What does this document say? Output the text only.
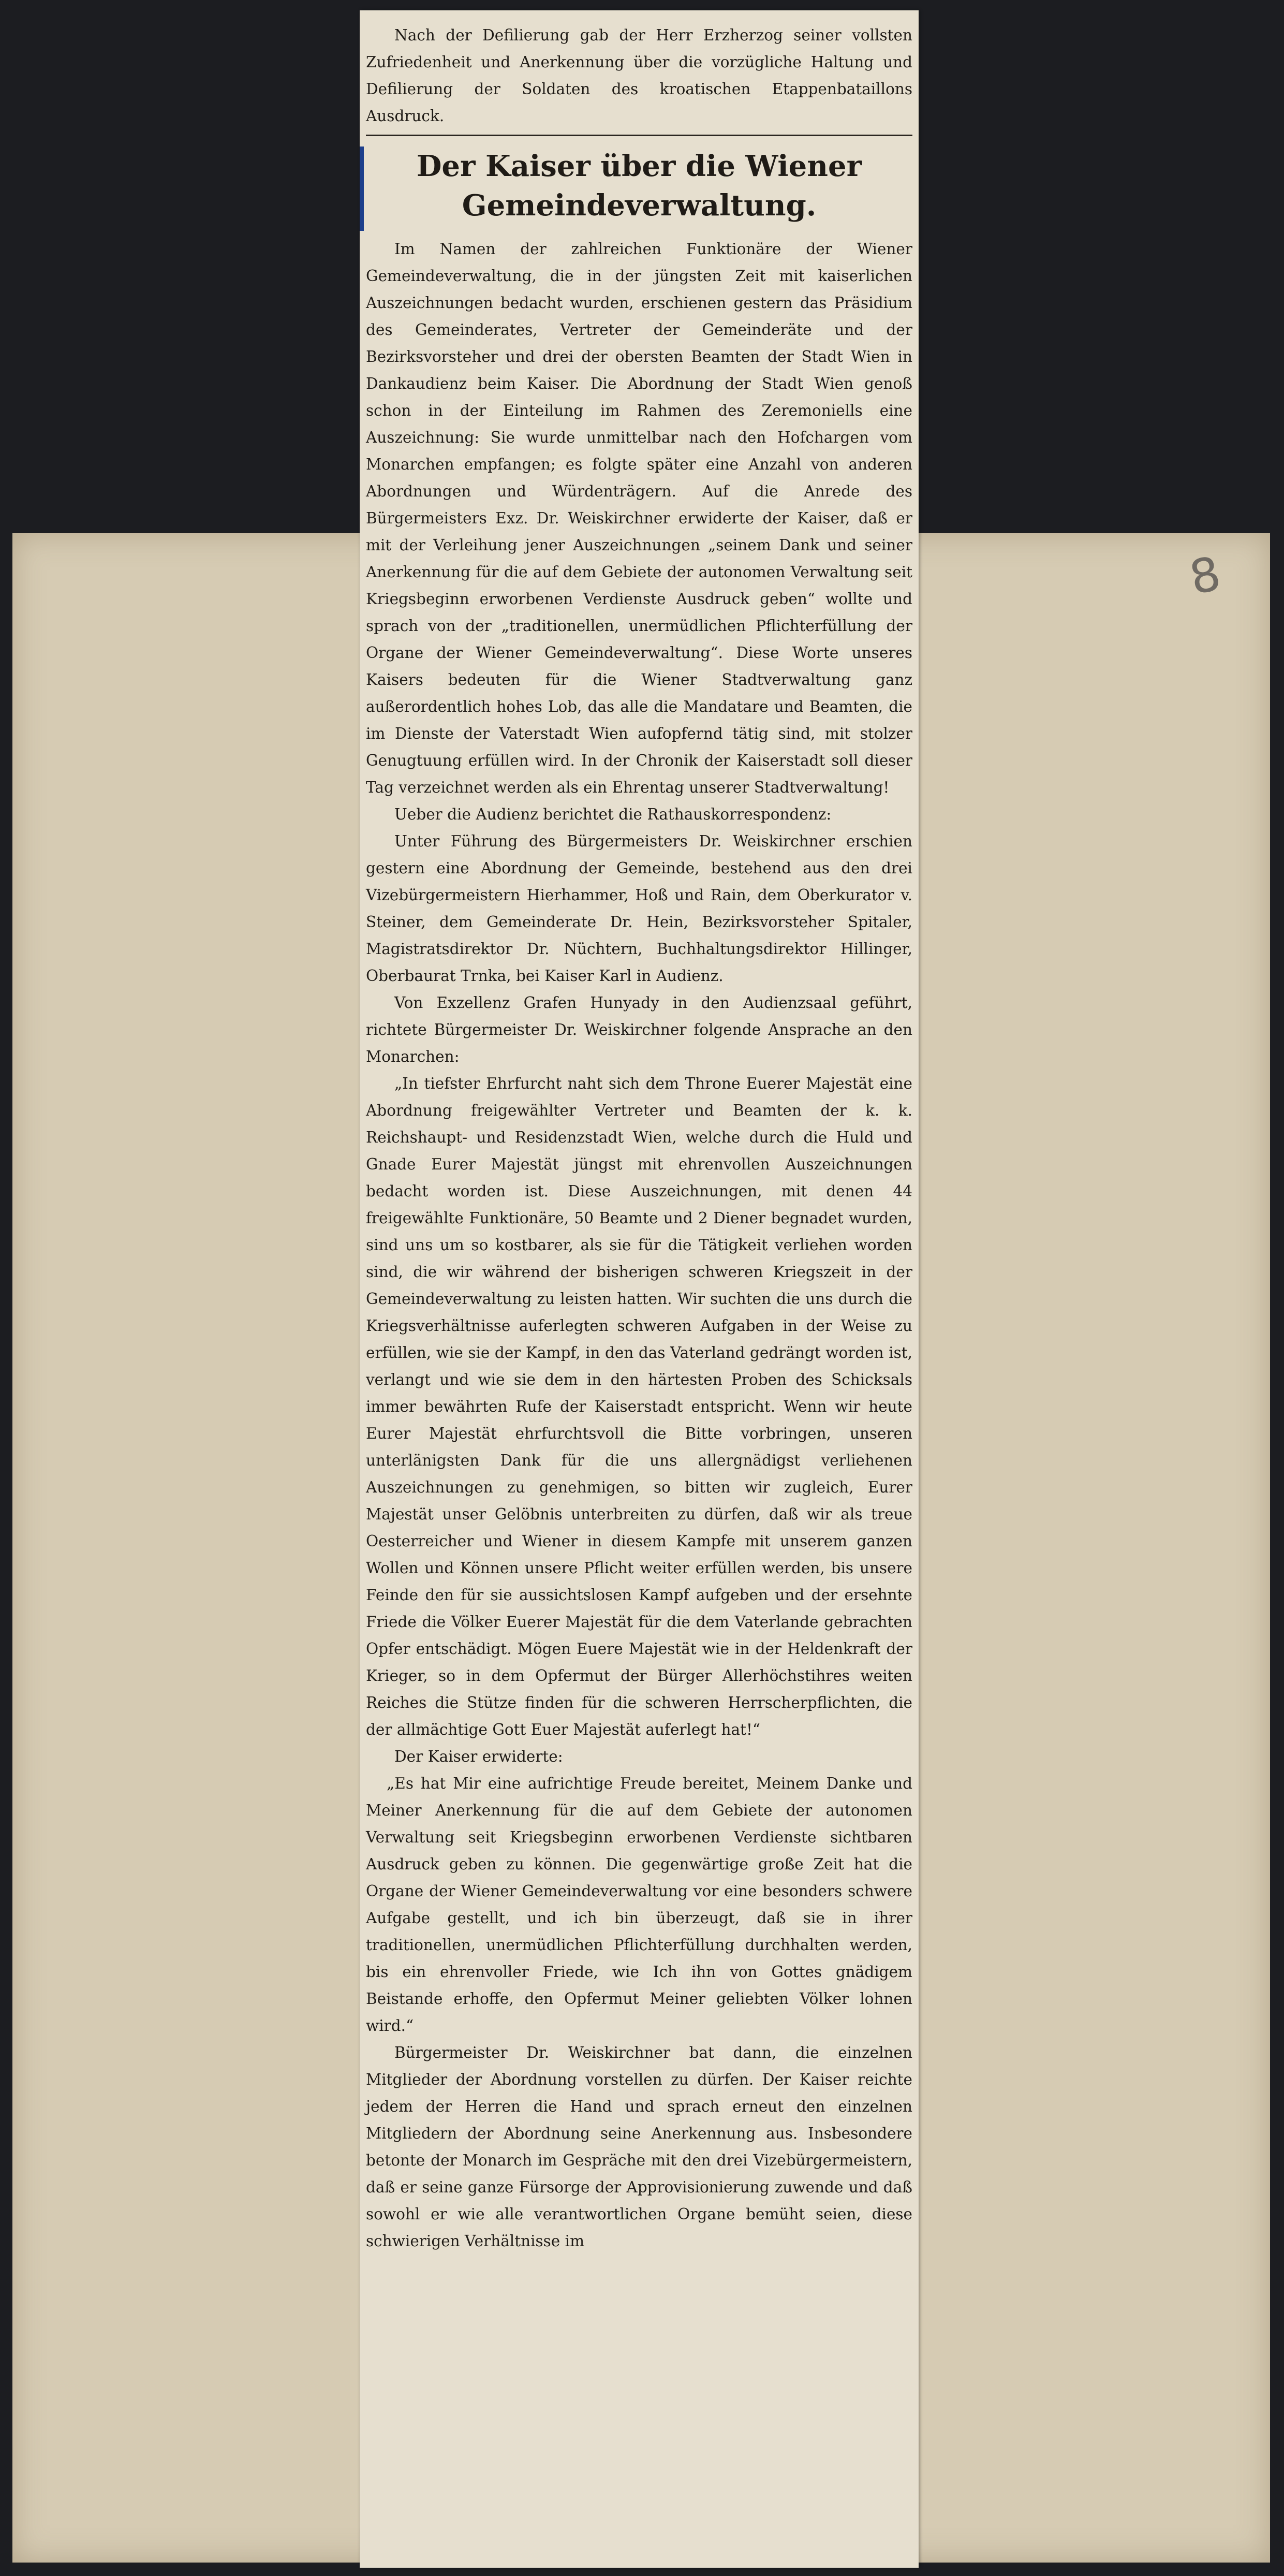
8

Nach der Defilierung gab der Herr Erzherzog seiner vollsten Zufriedenheit und Anerkennung über die vorzügliche Haltung und Defilierung der Soldaten des kroatischen Etappenbataillons Ausdruck.

Der Kaiser über die Wiener Gemeindeverwaltung.

Im Namen der zahlreichen Funktionäre der Wiener Gemeindeverwaltung, die in der jüngsten Zeit mit kaiserlichen Auszeichnungen bedacht wurden, erschienen gestern das Präsidium des Gemeinderates, Vertreter der Gemeinderäte und der Bezirksvorsteher und drei der obersten Beamten der Stadt Wien in Dankaudienz beim Kaiser. Die Abordnung der Stadt Wien genoß schon in der Einteilung im Rahmen des Zeremoniells eine Auszeichnung: Sie wurde unmittelbar nach den Hofchargen vom Monarchen empfangen; es folgte später eine Anzahl von anderen Abordnungen und Würdenträgern. Auf die Anrede des Bürgermeisters Exz. Dr. Weiskirchner erwiderte der Kaiser, daß er mit der Verleihung jener Auszeichnungen „seinem Dank und seiner Anerkennung für die auf dem Gebiete der autonomen Verwaltung seit Kriegsbeginn erworbenen Verdienste Ausdruck geben“ wollte und sprach von der „traditionellen, unermüdlichen Pflichterfüllung der Organe der Wiener Gemeindeverwaltung“. Diese Worte unseres Kaisers bedeuten für die Wiener Stadtverwaltung ganz außerordentlich hohes Lob, das alle die Mandatare und Beamten, die im Dienste der Vaterstadt Wien aufopfernd tätig sind, mit stolzer Genugtuung erfüllen wird. In der Chronik der Kaiserstadt soll dieser Tag verzeichnet werden als ein Ehrentag unserer Stadtverwaltung!

Ueber die Audienz berichtet die Rathauskorrespondenz:

Unter Führung des Bürgermeisters Dr. Weiskirchner erschien gestern eine Abordnung der Gemeinde, bestehend aus den drei Vizebürgermeistern Hierhammer, Hoß und Rain, dem Oberkurator v. Steiner, dem Gemeinderate Dr. Hein, Bezirksvorsteher Spitaler, Magistratsdirektor Dr. Nüchtern, Buchhaltungsdirektor Hillinger, Oberbaurat Trnka, bei Kaiser Karl in Audienz.

Von Exzellenz Grafen Hunyady in den Audienzsaal geführt, richtete Bürgermeister Dr. Weiskirchner folgende Ansprache an den Monarchen:

„In tiefster Ehrfurcht naht sich dem Throne Euerer Majestät eine Abordnung freigewählter Vertreter und Beamten der k. k. Reichshaupt- und Residenzstadt Wien, welche durch die Huld und Gnade Eurer Majestät jüngst mit ehrenvollen Auszeichnungen bedacht worden ist. Diese Auszeichnungen, mit denen 44 freigewählte Funktionäre, 50 Beamte und 2 Diener begnadet wurden, sind uns um so kostbarer, als sie für die Tätigkeit verliehen worden sind, die wir während der bisherigen schweren Kriegszeit in der Gemeindeverwaltung zu leisten hatten. Wir suchten die uns durch die Kriegsverhältnisse auferlegten schweren Aufgaben in der Weise zu erfüllen, wie sie der Kampf, in den das Vaterland gedrängt worden ist, verlangt und wie sie dem in den härtesten Proben des Schicksals immer bewährten Rufe der Kaiserstadt entspricht. Wenn wir heute Eurer Majestät ehrfurchtsvoll die Bitte vorbringen, unseren unterlänigsten Dank für die uns allergnädigst verliehenen Auszeichnungen zu genehmigen, so bitten wir zugleich, Eurer Majestät unser Gelöbnis unterbreiten zu dürfen, daß wir als treue Oesterreicher und Wiener in diesem Kampfe mit unserem ganzen Wollen und Können unsere Pflicht weiter erfüllen werden, bis unsere Feinde den für sie aussichtslosen Kampf aufgeben und der ersehnte Friede die Völker Euerer Majestät für die dem Vaterlande gebrachten Opfer entschädigt. Mögen Euere Majestät wie in der Heldenkraft der Krieger, so in dem Opfermut der Bürger Allerhöchstihres weiten Reiches die Stütze finden für die schweren Herrscherpflichten, die der allmächtige Gott Euer Majestät auferlegt hat!“

Der Kaiser erwiderte:

„Es hat Mir eine aufrichtige Freude bereitet, Meinem Danke und Meiner Anerkennung für die auf dem Gebiete der autonomen Verwaltung seit Kriegsbeginn erworbenen Verdienste sichtbaren Ausdruck geben zu können. Die gegenwärtige große Zeit hat die Organe der Wiener Gemeindeverwaltung vor eine besonders schwere Aufgabe gestellt, und ich bin überzeugt, daß sie in ihrer traditionellen, unermüdlichen Pflichterfüllung durchhalten werden, bis ein ehrenvoller Friede, wie Ich ihn von Gottes gnädigem Beistande erhoffe, den Opfermut Meiner geliebten Völker lohnen wird.“

Bürgermeister Dr. Weiskirchner bat dann, die einzelnen Mitglieder der Abordnung vorstellen zu dürfen. Der Kaiser reichte jedem der Herren die Hand und sprach erneut den einzelnen Mitgliedern der Abordnung seine Anerkennung aus. Insbesondere betonte der Monarch im Gespräche mit den drei Vizebürgermeistern, daß er seine ganze Fürsorge der Approvisionierung zuwende und daß sowohl er wie alle verantwortlichen Organe bemüht seien, diese schwierigen Verhältnisse im
